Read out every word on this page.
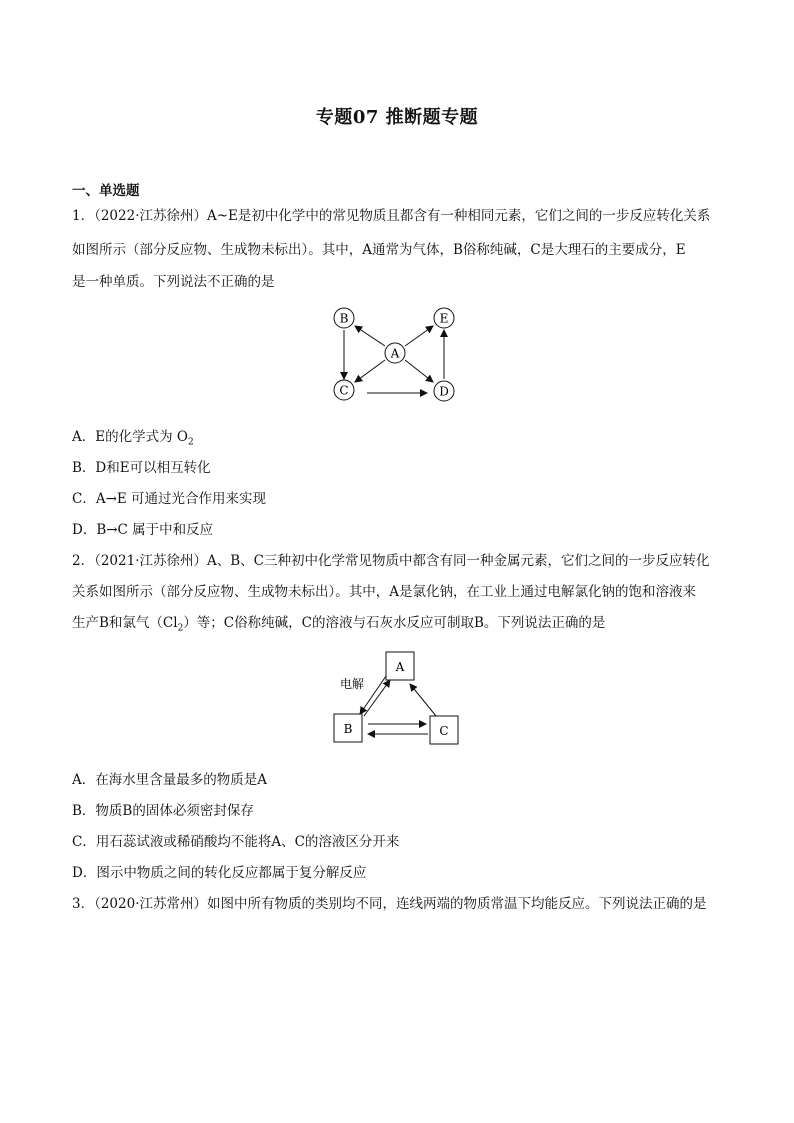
专题07 推断题专题
一、单选题
1．（2022·江苏徐州）A~E是初中化学中的常见物质且都含有一种相同元素，它们之间的一步反应转化关系
如图所示（部分反应物、生成物未标出）。其中，A通常为气体，B俗称纯碱，C是大理石的主要成分，E
是一种单质。下列说法不正确的是
B	E
A
C	D
A．E的化学式为 $O_2$
B．D和E可以相互转化
C．A→E 可通过光合作用来实现
D．B→C 属于中和反应
2．（2021·江苏徐州）A、B、C三种初中化学常见物质中都含有同一种金属元素，它们之间的一步反应转化
关系如图所示（部分反应物、生成物未标出）。其中，A是氯化钠，在工业上通过电解氯化钠的饱和溶液来
生产B和氯气$(Cl_2)$等；C俗称纯碱，C的溶液与石灰水反应可制取B。下列说法正确的是
A
B	C
电解
A．在海水里含量最多的物质是A
B．物质B的固体必须密封保存
C．用石蕊试液或稀硝酸均不能将A、C的溶液区分开来
D．图示中物质之间的转化反应都属于复分解反应
3．（2020·江苏常州）如图中所有物质的类别均不同，连线两端的物质常温下均能反应。下列说法正确的是
